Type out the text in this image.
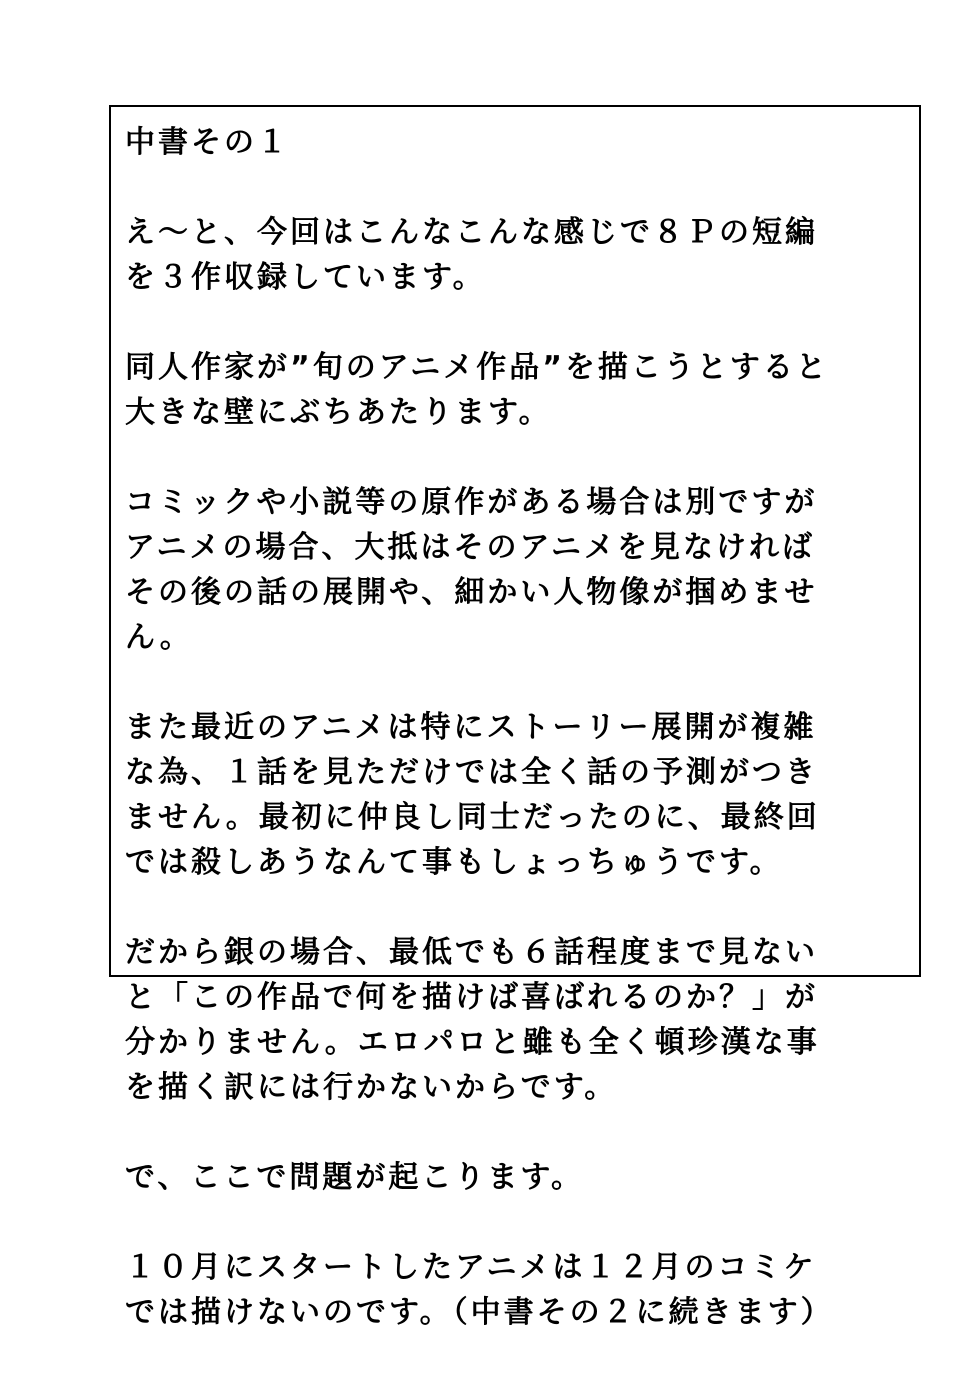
中書その１
え～と、今回はこんなこんな感じで８Ｐの短編
を３作収録しています。
同人作家が”旬のアニメ作品”を描こうとすると
大きな壁にぶちあたります。
コミックや小説等の原作がある場合は別ですが
アニメの場合、大抵はそのアニメを見なければ
その後の話の展開や、細かい人物像が掴めませ
ん。
また最近のアニメは特にストーリー展開が複雑
な為、１話を見ただけでは全く話の予測がつき
ません。最初に仲良し同士だったのに、最終回
では殺しあうなんて事もしょっちゅうです。
だから銀の場合、最低でも６話程度まで見ない
と「この作品で何を描けば喜ばれるのか？」が
分かりません。エロパロと雖も全く頓珍漢な事
を描く訳には行かないからです。
で、ここで問題が起こります。
１０月にスタートしたアニメは１２月のコミケ
では描けないのです。（中書その２に続きます）
